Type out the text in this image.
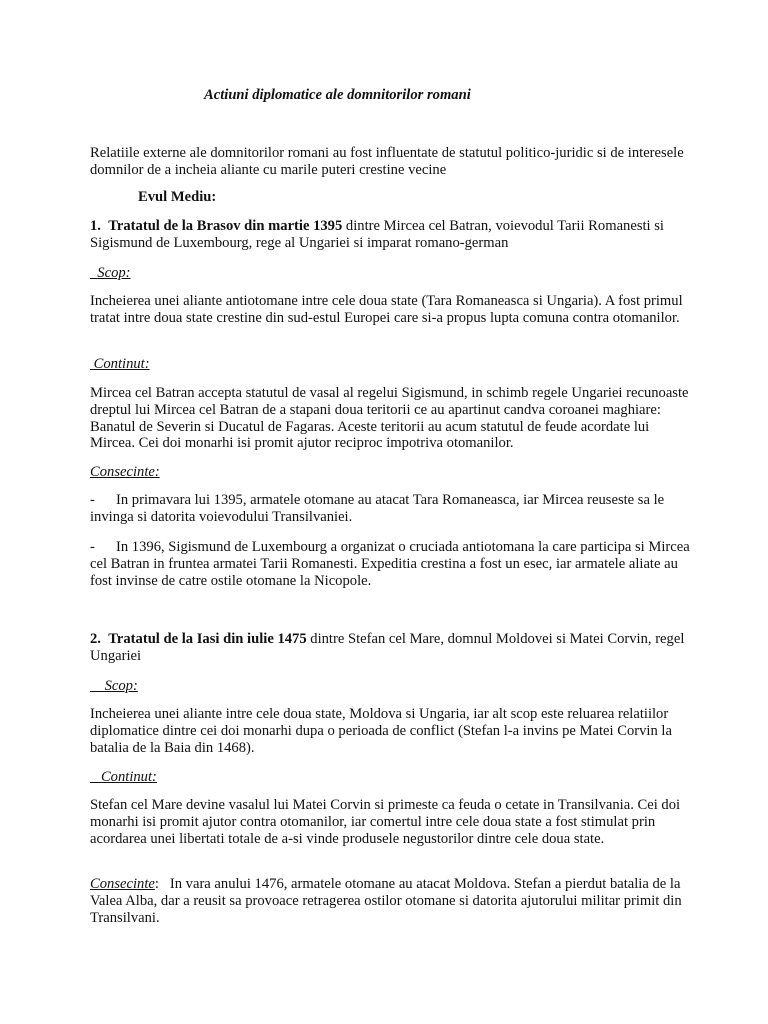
Actiuni diplomatice ale domnitorilor romani

Relatiile externe ale domnitorilor romani au fost influentate de statutul politico-juridic si de interesele domnilor de a incheia aliante cu marile puteri crestine vecine

Evul Mediu:

1. Tratatul de la Brasov din martie 1395 dintre Mircea cel Batran, voievodul Tarii Romanesti si Sigismund de Luxembourg, rege al Ungariei si imparat romano-german

Scop:

Incheierea unei aliante antiotomane intre cele doua state (Tara Romaneasca si Ungaria). A fost primul tratat intre doua state crestine din sud-estul Europei care si-a propus lupta comuna contra otomanilor.

Continut:

Mircea cel Batran accepta statutul de vasal al regelui Sigismund, in schimb regele Ungariei recunoaste dreptul lui Mircea cel Batran de a stapani doua teritorii ce au apartinut candva coroanei maghiare: Banatul de Severin si Ducatul de Fagaras. Aceste teritorii au acum statutul de feude acordate lui Mircea. Cei doi monarhi isi promit ajutor reciproc impotriva otomanilor.

Consecinte:

- In primavara lui 1395, armatele otomane au atacat Tara Romaneasca, iar Mircea reuseste sa le invinga si datorita voievodului Transilvaniei.

- In 1396, Sigismund de Luxembourg a organizat o cruciada antiotomana la care participa si Mircea cel Batran in fruntea armatei Tarii Romanesti. Expeditia crestina a fost un esec, iar armatele aliate au fost invinse de catre ostile otomane la Nicopole.

2. Tratatul de la Iasi din iulie 1475 dintre Stefan cel Mare, domnul Moldovei si Matei Corvin, regel Ungariei

Scop:

Incheierea unei aliante intre cele doua state, Moldova si Ungaria, iar alt scop este reluarea relatiilor diplomatice dintre cei doi monarhi dupa o perioada de conflict (Stefan l-a invins pe Matei Corvin la batalia de la Baia din 1468).

Continut:

Stefan cel Mare devine vasalul lui Matei Corvin si primeste ca feuda o cetate in Transilvania. Cei doi monarhi isi promit ajutor contra otomanilor, iar comertul intre cele doua state a fost stimulat prin acordarea unei libertati totale de a-si vinde produsele negustorilor dintre cele doua state.

Consecinte:   In vara anului 1476, armatele otomane au atacat Moldova. Stefan a pierdut batalia de la Valea Alba, dar a reusit sa provoace retragerea ostilor otomane si datorita ajutorului militar primit din Transilvani.
